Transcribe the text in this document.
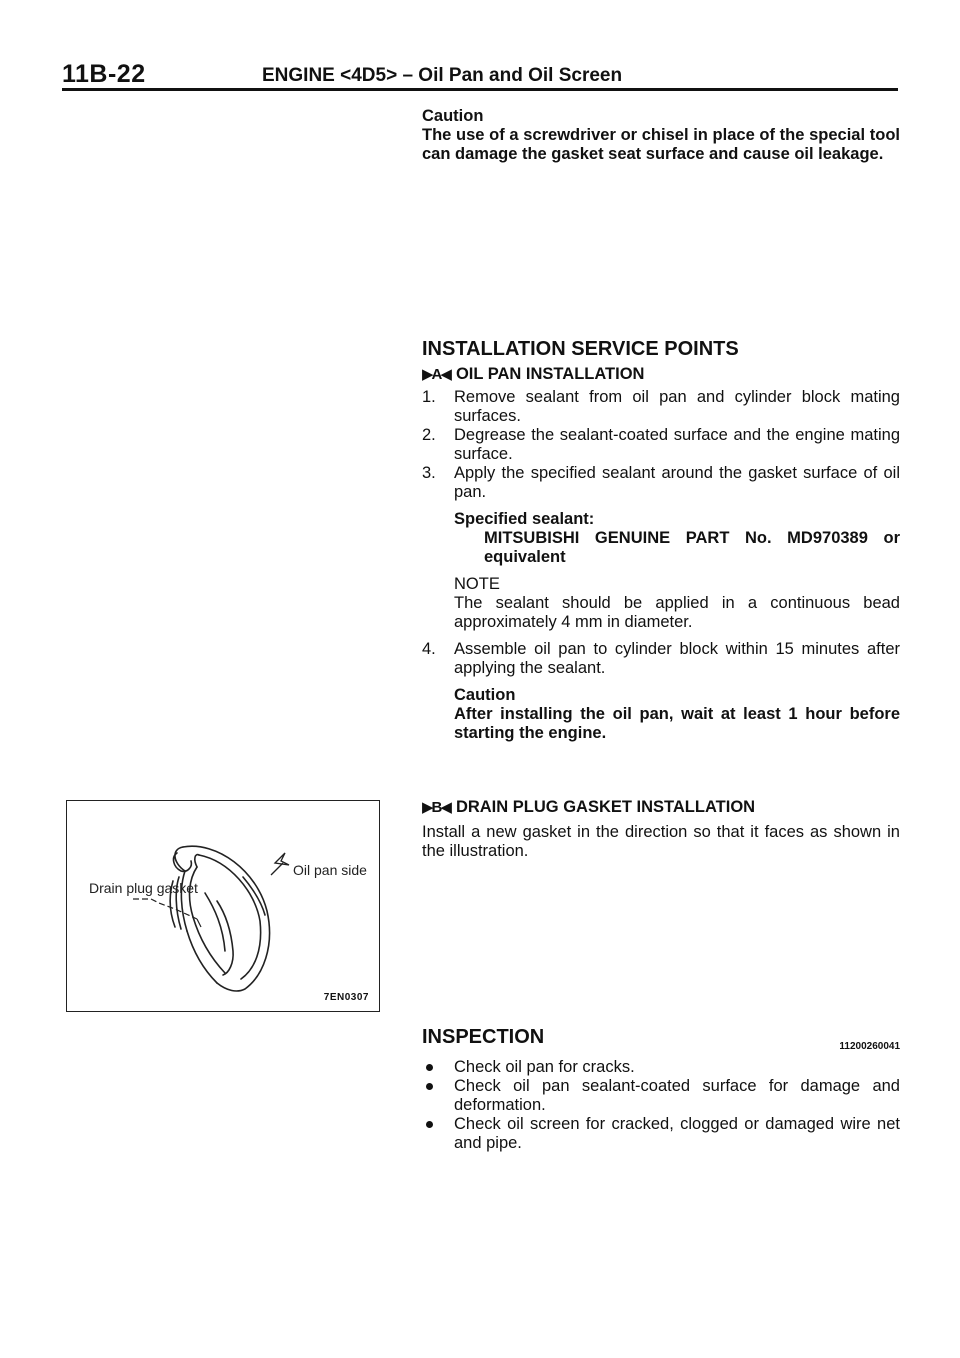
11B-22	ENGINE <4D5> – Oil Pan and Oil Screen
Caution
The use of a screwdriver or chisel in place of the special tool can damage the gasket seat surface and cause oil leakage.
INSTALLATION SERVICE POINTS
▶A◀ OIL PAN INSTALLATION
1. Remove sealant from oil pan and cylinder block mating surfaces.
2. Degrease the sealant-coated surface and the engine mating surface.
3. Apply the specified sealant around the gasket surface of oil pan.
Specified sealant:
MITSUBISHI GENUINE PART No. MD970389 or equivalent
NOTE
The sealant should be applied in a continuous bead approximately 4 mm in diameter.
4. Assemble oil pan to cylinder block within 15 minutes after applying the sealant.
Caution
After installing the oil pan, wait at least 1 hour before starting the engine.
▶B◀ DRAIN PLUG GASKET INSTALLATION
Install a new gasket in the direction so that it faces as shown in the illustration.
Drain plug gasket
Oil pan side
7EN0307
INSPECTION	11200260041
Check oil pan for cracks.
Check oil pan sealant-coated surface for damage and deformation.
Check oil screen for cracked, clogged or damaged wire net and pipe.
